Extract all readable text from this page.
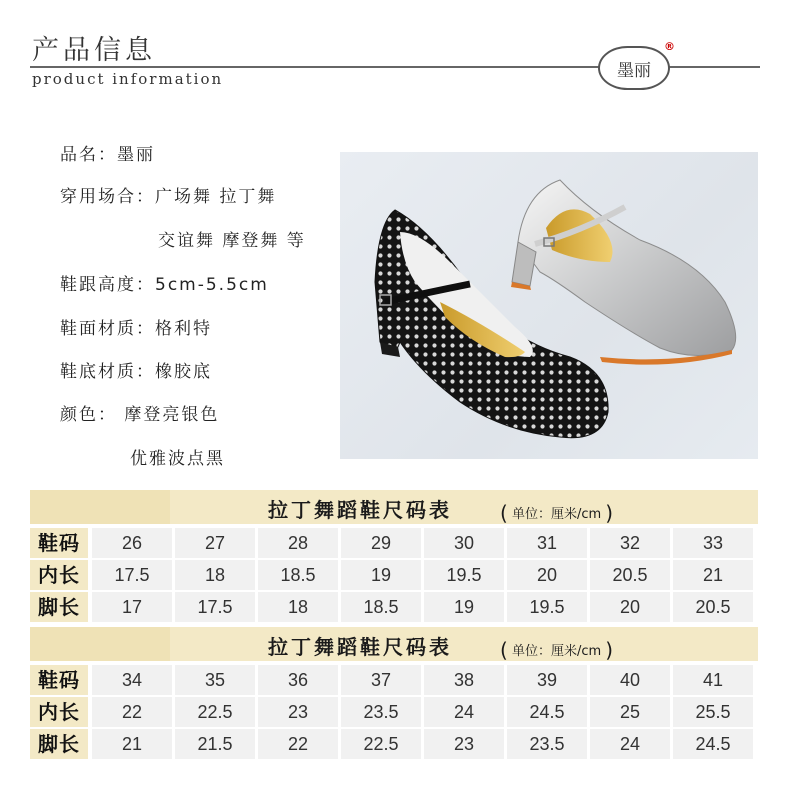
产品信息
product information	墨丽
®
品名：墨丽
穿用场合：广场舞 拉丁舞
交谊舞 摩登舞 等
鞋跟高度：5cm-5.5cm
鞋面材质：格利特
鞋底材质：橡胶底
颜色： 摩登亮银色
优雅波点黑
拉丁舞蹈鞋尺码表 ( 单位：厘米/cm )
鞋码	26	27	28	29	30	31	32	33
内长	17.5	18	18.5	19	19.5	20	20.5	21
脚长	17	17.5	18	18.5	19	19.5	20	20.5
拉丁舞蹈鞋尺码表 ( 单位：厘米/cm )
鞋码	34	35	36	37	38	39	40	41
内长	22	22.5	23	23.5	24	24.5	25	25.5
脚长	21	21.5	22	22.5	23	23.5	24	24.5
